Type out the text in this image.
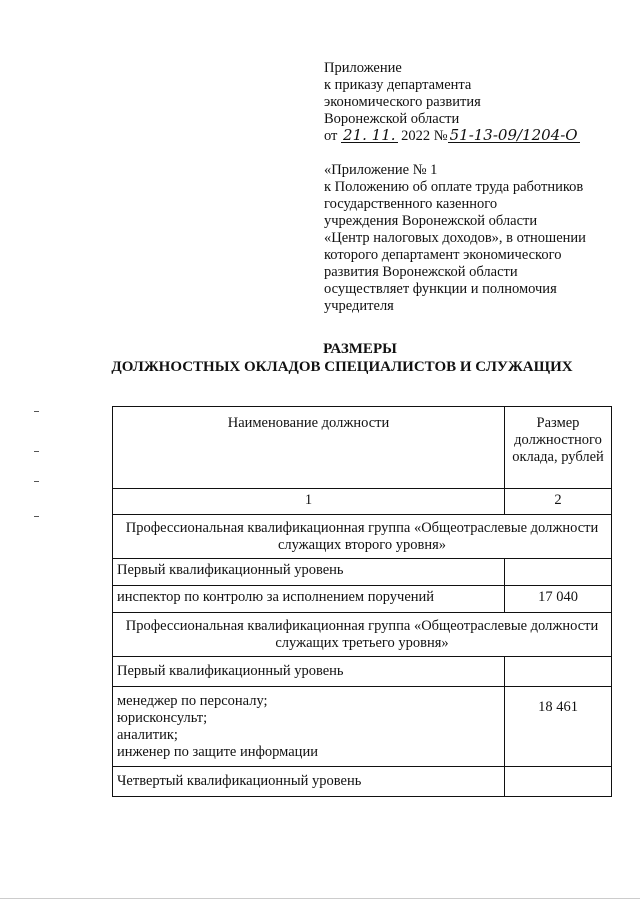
Приложение
к приказу департамента
экономического развития
Воронежской области
от 21. 11. 2022 № 51-13-09/1204-О
«Приложение № 1
к Положению об оплате труда работников
государственного казенного
учреждения Воронежской области
«Центр налоговых доходов», в отношении
которого департамент экономического
развития Воронежской области
осуществляет функции и полномочия
учредителя
РАЗМЕРЫ
ДОЛЖНОСТНЫХ ОКЛАДОВ СПЕЦИАЛИСТОВ И СЛУЖАЩИХ
Наименование должности	Размер
должностного
оклада, рублей

1	2

Профессиональная квалификационная группа «Общеотраслевые должности
служащих второго уровня»	

Первый квалификационный уровень	
инспектор по контролю за исполнением поручений	17 040

Профессиональная квалификационная группа «Общеотраслевые должности
служащих третьего уровня»	

Первый квалификационный уровень	

менеджер по персоналу;
юрисконсульт;
аналитик;
инженер по защите информации	18 461
Четвертый квалификационный уровень	
